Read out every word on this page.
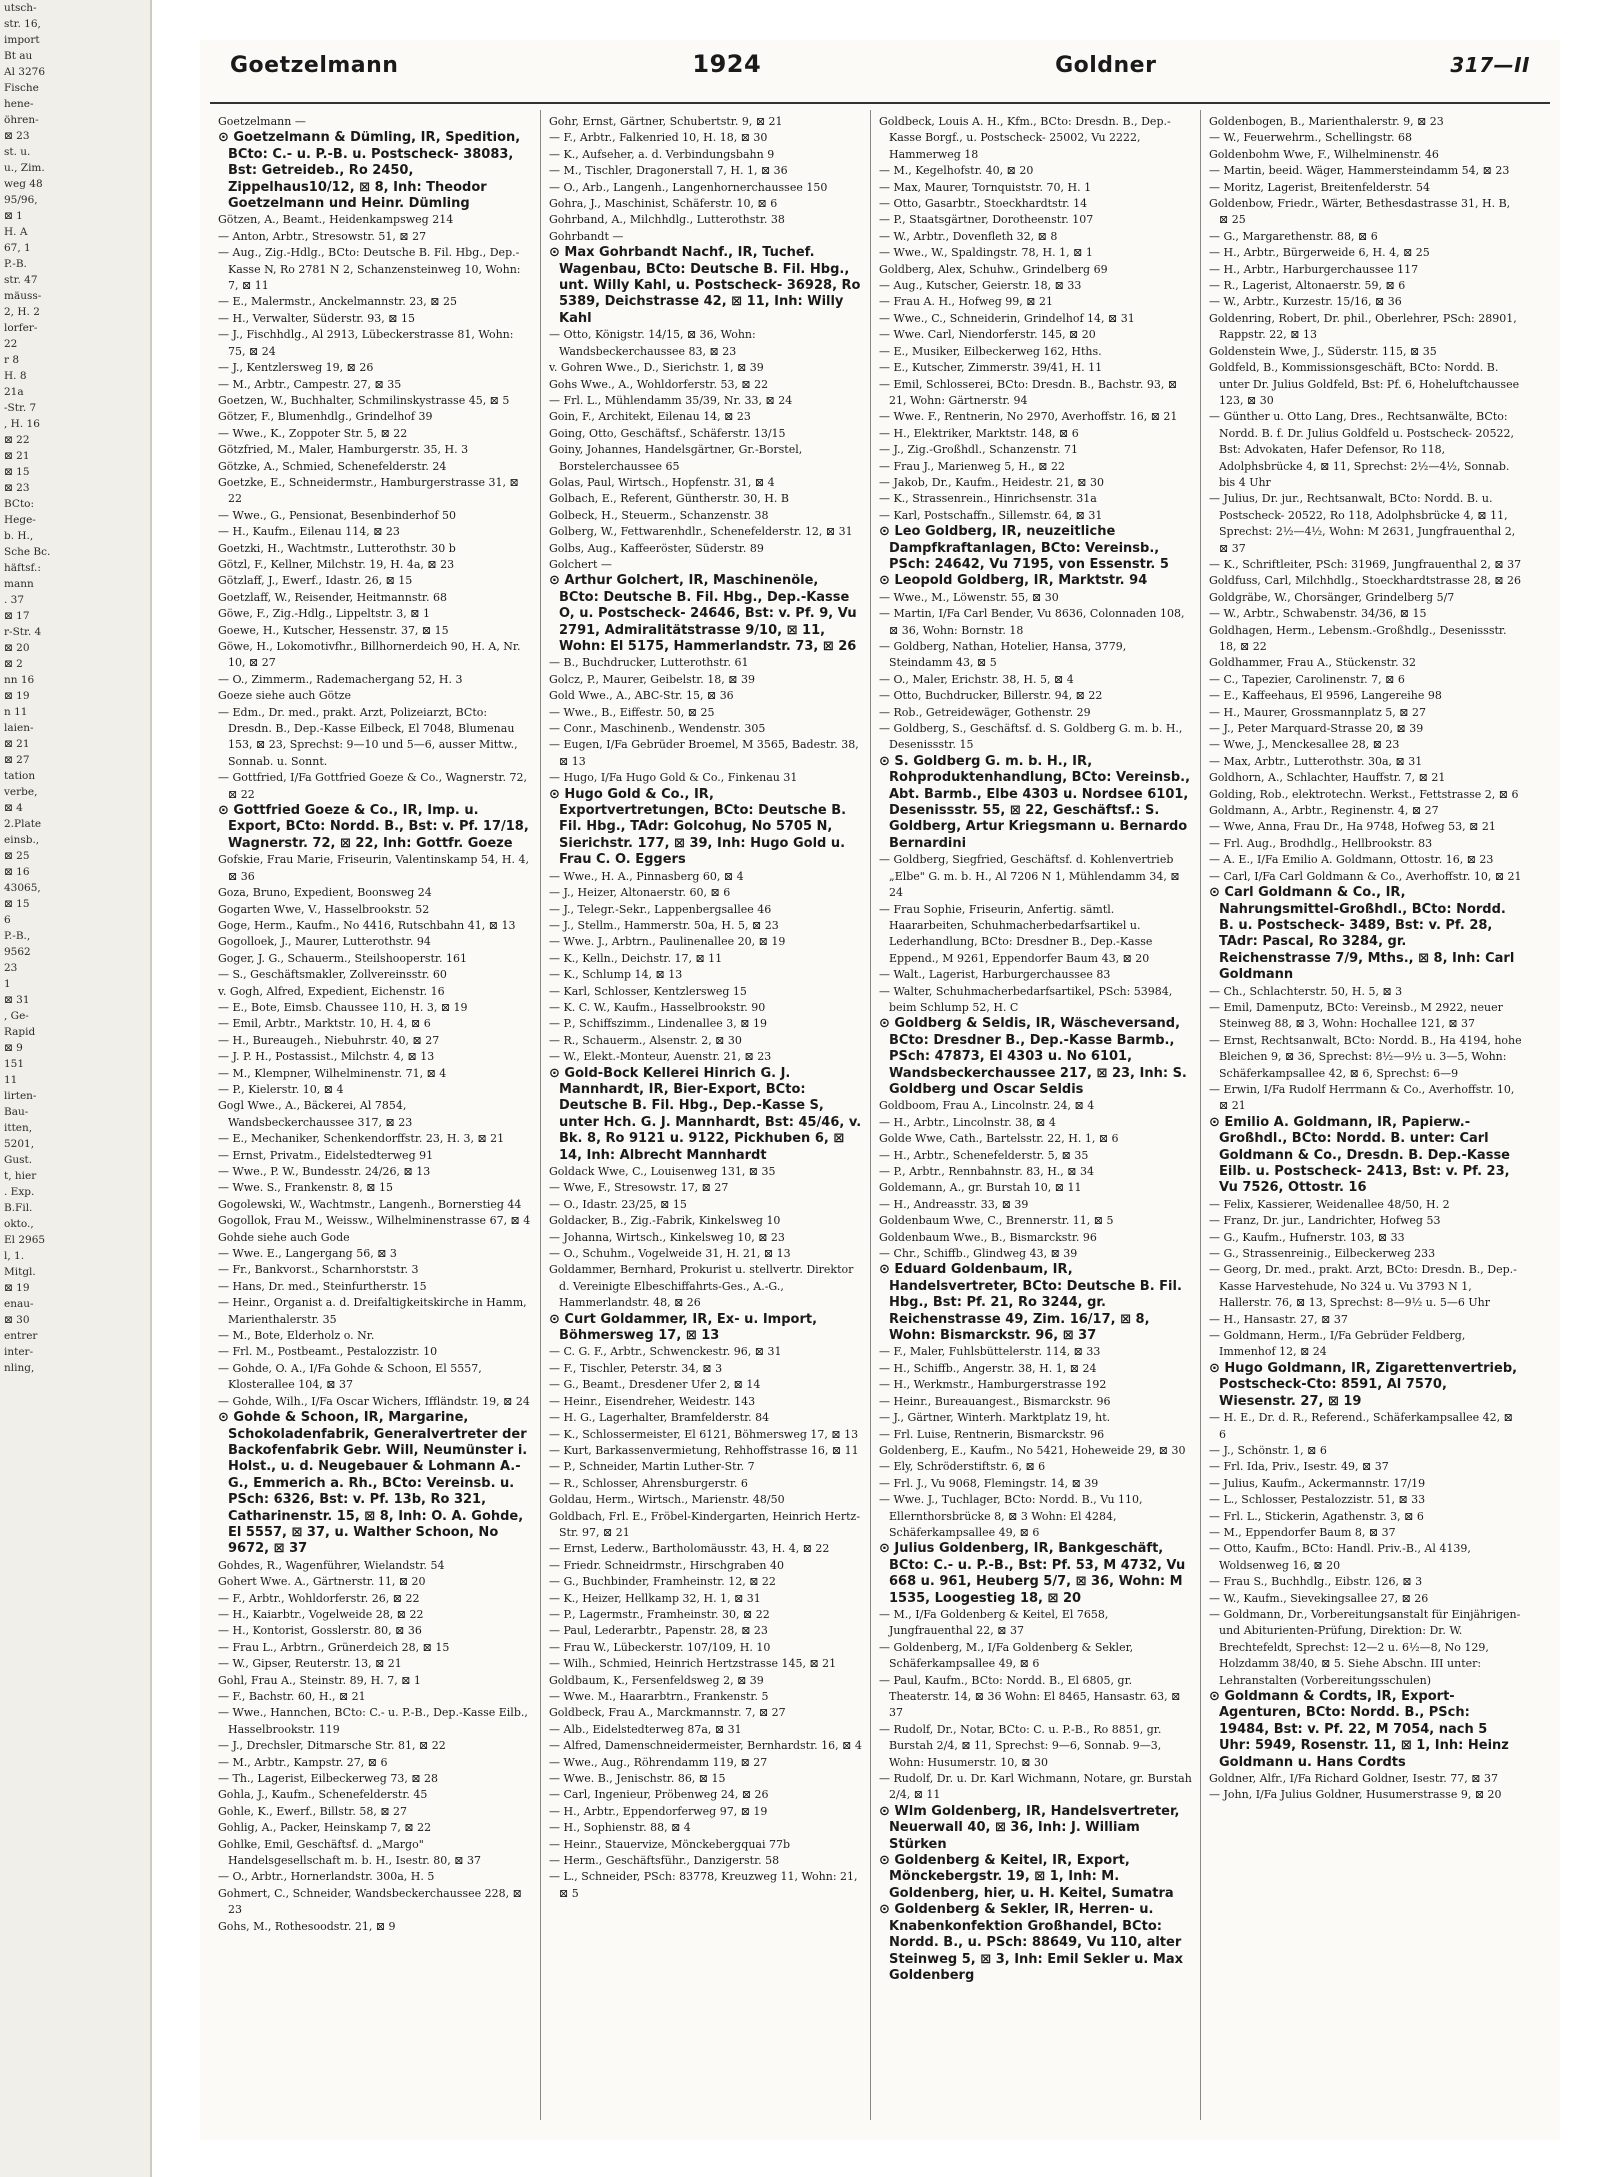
utsch-
str. 16,
import
Bt au
Al 3276
Fische
hene-
öhren-
⊠ 23
st. u.
u., Zim.
weg 48
95/96,
⊠ 1
H. A
67, 1
P.-B.
str. 47
mäuss-
2, H. 2
lorfer-
22
r 8
H. 8
21a
-Str. 7
, H. 16
⊠ 22
⊠ 21
⊠ 15
⊠ 23
BCto:
Hege-
b. H.,
Sche Bc.
häftsf.:
mann
. 37
⊠ 17
r-Str. 4
⊠ 20
⊠ 2
nn 16
⊠ 19
n 11
laien-
⊠ 21
⊠ 27
tation
verbe,
⊠ 4
2.Plate
einsb.,
⊠ 25
⊠ 16
43065,
⊠ 15
6
P.-B.,
9562
23
1
⊠ 31
, Ge-
Rapid
⊠ 9
151
11
lirten-
Bau-
itten,
5201,
Gust.
t, hier
. Exp.
B.Fil.
okto.,
El 2965
l, 1.
Mitgl.
⊠ 19
enau-
⊠ 30
entrer
inter-
nling,
Goetzelmann	1924	Goldner	317—II
Goetzelmann —
⊙ Goetzelmann & Dümling, IR, Spedition, BCto: C.- u. P.-B. u. Postscheck- 38083, Bst: Getreideb., Ro 2450, Zippelhaus10/12, ⊠ 8, Inh: Theodor Goetzelmann und Heinr. Dümling
Götzen, A., Beamt., Heidenkampsweg 214
— Anton, Arbtr., Stresowstr. 51, ⊠ 27
— Aug., Zig.-Hdlg., BCto: Deutsche B. Fil. Hbg., Dep.-Kasse N, Ro 2781 N 2, Schanzensteinweg 10, Wohn: 7, ⊠ 11
— E., Malermstr., Anckelmannstr. 23, ⊠ 25
— H., Verwalter, Süderstr. 93, ⊠ 15
— J., Fischhdlg., Al 2913, Lübeckerstrasse 81, Wohn: 75, ⊠ 24
— J., Kentzlersweg 19, ⊠ 26
— M., Arbtr., Campestr. 27, ⊠ 35
Goetzen, W., Buchhalter, Schmilinskystrasse 45, ⊠ 5
Götzer, F., Blumenhdlg., Grindelhof 39
— Wwe., K., Zoppoter Str. 5, ⊠ 22
Götzfried, M., Maler, Hamburgerstr. 35, H. 3
Götzke, A., Schmied, Schenefelderstr. 24
Goetzke, E., Schneidermstr., Hamburgerstrasse 31, ⊠ 22
— Wwe., G., Pensionat, Besenbinderhof 50
— H., Kaufm., Eilenau 114, ⊠ 23
Goetzki, H., Wachtmstr., Lutterothstr. 30 b
Götzl, F., Kellner, Milchstr. 19, H. 4a, ⊠ 23
Götzlaff, J., Ewerf., Idastr. 26, ⊠ 15
Goetzlaff, W., Reisender, Heitmannstr. 68
Göwe, F., Zig.-Hdlg., Lippeltstr. 3, ⊠ 1
Goewe, H., Kutscher, Hessenstr. 37, ⊠ 15
Göwe, H., Lokomotivfhr., Billhornerdeich 90, H. A, Nr. 10, ⊠ 27
— O., Zimmerm., Rademachergang 52, H. 3
Goeze siehe auch Götze
— Edm., Dr. med., prakt. Arzt, Polizeiarzt, BCto: Dresdn. B., Dep.-Kasse Eilbeck, El 7048, Blumenau 153, ⊠ 23, Sprechst: 9—10 und 5—6, ausser Mittw., Sonnab. u. Sonnt.
— Gottfried, I/Fa Gottfried Goeze & Co., Wagnerstr. 72, ⊠ 22
⊙ Gottfried Goeze & Co., IR, Imp. u. Export, BCto: Nordd. B., Bst: v. Pf. 17/18, Wagnerstr. 72, ⊠ 22, Inh: Gottfr. Goeze
Gofskie, Frau Marie, Friseurin, Valentinskamp 54, H. 4, ⊠ 36
Goza, Bruno, Expedient, Boonsweg 24
Gogarten Wwe, V., Hasselbrookstr. 52
Goge, Herm., Kaufm., No 4416, Rutschbahn 41, ⊠ 13
Gogolloek, J., Maurer, Lutterothstr. 94
Goger, J. G., Schauerm., Steilshooperstr. 161
— S., Geschäftsmakler, Zollvereinsstr. 60
v. Gogh, Alfred, Expedient, Eichenstr. 16
— E., Bote, Eimsb. Chaussee 110, H. 3, ⊠ 19
— Emil, Arbtr., Marktstr. 10, H. 4, ⊠ 6
— H., Bureaugeh., Niebuhrstr. 40, ⊠ 27
— J. P. H., Postassist., Milchstr. 4, ⊠ 13
— M., Klempner, Wilhelminenstr. 71, ⊠ 4
— P., Kielerstr. 10, ⊠ 4
Gogl Wwe., A., Bäckerei, Al 7854, Wandsbeckerchaussee 317, ⊠ 23
— E., Mechaniker, Schenkendorffstr. 23, H. 3, ⊠ 21
— Ernst, Privatm., Eidelstedterweg 91
— Wwe., P. W., Bundesstr. 24/26, ⊠ 13
— Wwe. S., Frankenstr. 8, ⊠ 15
Gogolewski, W., Wachtmstr., Langenh., Bornerstieg 44
Gogollok, Frau M., Weissw., Wilhelminenstrasse 67, ⊠ 4
Gohde siehe auch Gode
— Wwe. E., Langergang 56, ⊠ 3
— Fr., Bankvorst., Scharnhorststr. 3
— Hans, Dr. med., Steinfurtherstr. 15
— Heinr., Organist a. d. Dreifaltigkeitskirche in Hamm, Marienthalerstr. 35
— M., Bote, Elderholz o. Nr.
— Frl. M., Postbeamt., Pestalozzistr. 10
— Gohde, O. A., I/Fa Gohde & Schoon, El 5557, Klosterallee 104, ⊠ 37
— Gohde, Wilh., I/Fa Oscar Wichers, Iffländstr. 19, ⊠ 24
⊙ Gohde & Schoon, IR, Margarine, Schokoladenfabrik, Generalvertreter der Backofenfabrik Gebr. Will, Neumünster i. Holst., u. d. Neugebauer & Lohmann A.-G., Emmerich a. Rh., BCto: Vereinsb. u. PSch: 6326, Bst: v. Pf. 13b, Ro 321, Catharinenstr. 15, ⊠ 8, Inh: O. A. Gohde, El 5557, ⊠ 37, u. Walther Schoon, No 9672, ⊠ 37
Gohdes, R., Wagenführer, Wielandstr. 54
Gohert Wwe. A., Gärtnerstr. 11, ⊠ 20
— F., Arbtr., Wohldorferstr. 26, ⊠ 22
— H., Kaiarbtr., Vogelweide 28, ⊠ 22
— H., Kontorist, Gosslerstr. 80, ⊠ 36
— Frau L., Arbtrn., Grünerdeich 28, ⊠ 15
— W., Gipser, Reuterstr. 13, ⊠ 21
Gohl, Frau A., Steinstr. 89, H. 7, ⊠ 1
— F., Bachstr. 60, H., ⊠ 21
— Wwe., Hannchen, BCto: C.- u. P.-B., Dep.-Kasse Eilb., Hasselbrookstr. 119
— J., Drechsler, Ditmarsche Str. 81, ⊠ 22
— M., Arbtr., Kampstr. 27, ⊠ 6
— Th., Lagerist, Eilbeckerweg 73, ⊠ 28
Gohla, J., Kaufm., Schenefelderstr. 45
Gohle, K., Ewerf., Billstr. 58, ⊠ 27
Gohlig, A., Packer, Heinskamp 7, ⊠ 22
Gohlke, Emil, Geschäftsf. d. „Margo" Handelsgesellschaft m. b. H., Isestr. 80, ⊠ 37
— O., Arbtr., Hornerlandstr. 300a, H. 5
Gohmert, C., Schneider, Wandsbeckerchaussee 228, ⊠ 23
Gohs, M., Rothesoodstr. 21, ⊠ 9
Gohr, Ernst, Gärtner, Schubertstr. 9, ⊠ 21
— F., Arbtr., Falkenried 10, H. 18, ⊠ 30
— K., Aufseher, a. d. Verbindungsbahn 9
— M., Tischler, Dragonerstall 7, H. 1, ⊠ 36
— O., Arb., Langenh., Langenhornerchaussee 150
Gohra, J., Maschinist, Schäferstr. 10, ⊠ 6
Gohrband, A., Milchhdlg., Lutterothstr. 38
Gohrbandt —
⊙ Max Gohrbandt Nachf., IR, Tuchef. Wagenbau, BCto: Deutsche B. Fil. Hbg., unt. Willy Kahl, u. Postscheck- 36928, Ro 5389, Deichstrasse 42, ⊠ 11, Inh: Willy Kahl
— Otto, Königstr. 14/15, ⊠ 36, Wohn: Wandsbeckerchaussee 83, ⊠ 23
v. Gohren Wwe., D., Sierichstr. 1, ⊠ 39
Gohs Wwe., A., Wohldorferstr. 53, ⊠ 22
— Frl. L., Mühlendamm 35/39, Nr. 33, ⊠ 24
Goin, F., Architekt, Eilenau 14, ⊠ 23
Going, Otto, Geschäftsf., Schäferstr. 13/15
Goiny, Johannes, Handelsgärtner, Gr.-Borstel, Borstelerchaussee 65
Golas, Paul, Wirtsch., Hopfenstr. 31, ⊠ 4
Golbach, E., Referent, Güntherstr. 30, H. B
Golbeck, H., Steuerm., Schanzenstr. 38
Golberg, W., Fettwarenhdlr., Schenefelderstr. 12, ⊠ 31
Golbs, Aug., Kaffeeröster, Süderstr. 89
Golchert —
⊙ Arthur Golchert, IR, Maschinenöle, BCto: Deutsche B. Fil. Hbg., Dep.-Kasse O, u. Postscheck- 24646, Bst: v. Pf. 9, Vu 2791, Admiralitätstrasse 9/10, ⊠ 11, Wohn: El 5175, Hammerlandstr. 73, ⊠ 26
— B., Buchdrucker, Lutterothstr. 61
Golcz, P., Maurer, Geibelstr. 18, ⊠ 39
Gold Wwe., A., ABC-Str. 15, ⊠ 36
— Wwe., B., Eiffestr. 50, ⊠ 25
— Conr., Maschinenb., Wendenstr. 305
— Eugen, I/Fa Gebrüder Broemel, M 3565, Badestr. 38, ⊠ 13
— Hugo, I/Fa Hugo Gold & Co., Finkenau 31
⊙ Hugo Gold & Co., IR, Exportvertretungen, BCto: Deutsche B. Fil. Hbg., TAdr: Golcohug, No 5705 N, Sierichstr. 177, ⊠ 39, Inh: Hugo Gold u. Frau C. O. Eggers
— Wwe., H. A., Pinnasberg 60, ⊠ 4
— J., Heizer, Altonaerstr. 60, ⊠ 6
— J., Telegr.-Sekr., Lappenbergsallee 46
— J., Stellm., Hammerstr. 50a, H. 5, ⊠ 23
— Wwe. J., Arbtrn., Paulinenallee 20, ⊠ 19
— K., Kelln., Deichstr. 17, ⊠ 11
— K., Schlump 14, ⊠ 13
— Karl, Schlosser, Kentzlersweg 15
— K. C. W., Kaufm., Hasselbrookstr. 90
— P., Schiffszimm., Lindenallee 3, ⊠ 19
— R., Schauerm., Alsenstr. 2, ⊠ 30
— W., Elekt.-Monteur, Auenstr. 21, ⊠ 23
⊙ Gold-Bock Kellerei Hinrich G. J. Mannhardt, IR, Bier-Export, BCto: Deutsche B. Fil. Hbg., Dep.-Kasse S, unter Hch. G. J. Mannhardt, Bst: 45/46, v. Bk. 8, Ro 9121 u. 9122, Pickhuben 6, ⊠ 14, Inh: Albrecht Mannhardt
Goldack Wwe, C., Louisenweg 131, ⊠ 35
— Wwe, F., Stresowstr. 17, ⊠ 27
— O., Idastr. 23/25, ⊠ 15
Goldacker, B., Zig.-Fabrik, Kinkelsweg 10
— Johanna, Wirtsch., Kinkelsweg 10, ⊠ 23
— O., Schuhm., Vogelweide 31, H. 21, ⊠ 13
Goldammer, Bernhard, Prokurist u. stellvertr. Direktor d. Vereinigte Elbeschiffahrts-Ges., A.-G., Hammerlandstr. 48, ⊠ 26
⊙ Curt Goldammer, IR, Ex- u. Import, Böhmersweg 17, ⊠ 13
— C. G. F., Arbtr., Schwenckestr. 96, ⊠ 31
— F., Tischler, Peterstr. 34, ⊠ 3
— G., Beamt., Dresdener Ufer 2, ⊠ 14
— Heinr., Eisendreher, Weidestr. 143
— H. G., Lagerhalter, Bramfelderstr. 84
— K., Schlossermeister, El 6121, Böhmersweg 17, ⊠ 13
— Kurt, Barkassenvermietung, Rehhoffstrasse 16, ⊠ 11
— P., Schneider, Martin Luther-Str. 7
— R., Schlosser, Ahrensburgerstr. 6
Goldau, Herm., Wirtsch., Marienstr. 48/50
Goldbach, Frl. E., Fröbel-Kindergarten, Heinrich Hertz-Str. 97, ⊠ 21
— Ernst, Lederw., Bartholomäusstr. 43, H. 4, ⊠ 22
— Friedr. Schneidrmstr., Hirschgraben 40
— G., Buchbinder, Framheinstr. 12, ⊠ 22
— K., Heizer, Hellkamp 32, H. 1, ⊠ 31
— P., Lagermstr., Framheinstr. 30, ⊠ 22
— Paul, Lederarbtr., Papenstr. 28, ⊠ 23
— Frau W., Lübeckerstr. 107/109, H. 10
— Wilh., Schmied, Heinrich Hertzstrasse 145, ⊠ 21
Goldbaum, K., Fersenfeldsweg 2, ⊠ 39
— Wwe. M., Haararbtrn., Frankenstr. 5
Goldbeck, Frau A., Marckmannstr. 7, ⊠ 27
— Alb., Eidelstedterweg 87a, ⊠ 31
— Alfred, Damenschneidermeister, Bernhardstr. 16, ⊠ 4
— Wwe., Aug., Röhrendamm 119, ⊠ 27
— Wwe. B., Jenischstr. 86, ⊠ 15
— Carl, Ingenieur, Pröbenweg 24, ⊠ 26
— H., Arbtr., Eppendorferweg 97, ⊠ 19
— H., Sophienstr. 88, ⊠ 4
— Heinr., Stauervize, Mönckebergquai 77b
— Herm., Geschäftsführ., Danzigerstr. 58
— L., Schneider, PSch: 83778, Kreuzweg 11, Wohn: 21, ⊠ 5
Goldbeck, Louis A. H., Kfm., BCto: Dresdn. B., Dep.-Kasse Borgf., u. Postscheck- 25002, Vu 2222, Hammerweg 18
— M., Kegelhofstr. 40, ⊠ 20
— Max, Maurer, Tornquiststr. 70, H. 1
— Otto, Gasarbtr., Stoeckhardtstr. 14
— P., Staatsgärtner, Dorotheenstr. 107
— W., Arbtr., Dovenfleth 32, ⊠ 8
— Wwe., W., Spaldingstr. 78, H. 1, ⊠ 1
Goldberg, Alex, Schuhw., Grindelberg 69
— Aug., Kutscher, Geierstr. 18, ⊠ 33
— Frau A. H., Hofweg 99, ⊠ 21
— Wwe., C., Schneiderin, Grindelhof 14, ⊠ 31
— Wwe. Carl, Niendorferstr. 145, ⊠ 20
— E., Musiker, Eilbeckerweg 162, Hths.
— E., Kutscher, Zimmerstr. 39/41, H. 11
— Emil, Schlosserei, BCto: Dresdn. B., Bachstr. 93, ⊠ 21, Wohn: Gärtnerstr. 94
— Wwe. F., Rentnerin, No 2970, Averhoffstr. 16, ⊠ 21
— H., Elektriker, Marktstr. 148, ⊠ 6
— J., Zig.-Großhdl., Schanzenstr. 71
— Frau J., Marienweg 5, H., ⊠ 22
— Jakob, Dr., Kaufm., Heidestr. 21, ⊠ 30
— K., Strassenrein., Hinrichsenstr. 31a
— Karl, Postschaffn., Sillemstr. 64, ⊠ 31
⊙ Leo Goldberg, IR, neuzeitliche Dampfkraftanlagen, BCto: Vereinsb., PSch: 24642, Vu 7195, von Essenstr. 5
⊙ Leopold Goldberg, IR, Marktstr. 94
— Wwe., M., Löwenstr. 55, ⊠ 30
— Martin, I/Fa Carl Bender, Vu 8636, Colonnaden 108, ⊠ 36, Wohn: Bornstr. 18
— Goldberg, Nathan, Hotelier, Hansa, 3779, Steindamm 43, ⊠ 5
— O., Maler, Erichstr. 38, H. 5, ⊠ 4
— Otto, Buchdrucker, Billerstr. 94, ⊠ 22
— Rob., Getreidewäger, Gothenstr. 29
— Goldberg, S., Geschäftsf. d. S. Goldberg G. m. b. H., Desenissstr. 15
⊙ S. Goldberg G. m. b. H., IR, Rohproduktenhandlung, BCto: Vereinsb., Abt. Barmb., Elbe 4303 u. Nordsee 6101, Desenissstr. 55, ⊠ 22, Geschäftsf.: S. Goldberg, Artur Kriegsmann u. Bernardo Bernardini
— Goldberg, Siegfried, Geschäftsf. d. Kohlenvertrieb „Elbe" G. m. b. H., Al 7206 N 1, Mühlendamm 34, ⊠ 24
— Frau Sophie, Friseurin, Anfertig. sämtl. Haararbeiten, Schuhmacherbedarfsartikel u. Lederhandlung, BCto: Dresdner B., Dep.-Kasse Eppend., M 9261, Eppendorfer Baum 43, ⊠ 20
— Walt., Lagerist, Harburgerchaussee 83
— Walter, Schuhmacherbedarfsartikel, PSch: 53984, beim Schlump 52, H. C
⊙ Goldberg & Seldis, IR, Wäscheversand, BCto: Dresdner B., Dep.-Kasse Barmb., PSch: 47873, El 4303 u. No 6101, Wandsbeckerchaussee 217, ⊠ 23, Inh: S. Goldberg und Oscar Seldis
Goldboom, Frau A., Lincolnstr. 24, ⊠ 4
— H., Arbtr., Lincolnstr. 38, ⊠ 4
Golde Wwe, Cath., Bartelsstr. 22, H. 1, ⊠ 6
— H., Arbtr., Schenefelderstr. 5, ⊠ 35
— P., Arbtr., Rennbahnstr. 83, H., ⊠ 34
Goldemann, A., gr. Burstah 10, ⊠ 11
— H., Andreasstr. 33, ⊠ 39
Goldenbaum Wwe, C., Brennerstr. 11, ⊠ 5
Goldenbaum Wwe., B., Bismarckstr. 96
— Chr., Schiffb., Glindweg 43, ⊠ 39
⊙ Eduard Goldenbaum, IR, Handelsvertreter, BCto: Deutsche B. Fil. Hbg., Bst: Pf. 21, Ro 3244, gr. Reichenstrasse 49, Zim. 16/17, ⊠ 8, Wohn: Bismarckstr. 96, ⊠ 37
— F., Maler, Fuhlsbüttelerstr. 114, ⊠ 33
— H., Schiffb., Angerstr. 38, H. 1, ⊠ 24
— H., Werkmstr., Hamburgerstrasse 192
— Heinr., Bureauangest., Bismarckstr. 96
— J., Gärtner, Winterh. Marktplatz 19, ht.
— Frl. Luise, Rentnerin, Bismarckstr. 96
Goldenberg, E., Kaufm., No 5421, Hoheweide 29, ⊠ 30
— Ely, Schröderstiftstr. 6, ⊠ 6
— Frl. J., Vu 9068, Flemingstr. 14, ⊠ 39
— Wwe. J., Tuchlager, BCto: Nordd. B., Vu 110, Ellernthorsbrücke 8, ⊠ 3 Wohn: El 4284, Schäferkampsallee 49, ⊠ 6
⊙ Julius Goldenberg, IR, Bankgeschäft, BCto: C.- u. P.-B., Bst: Pf. 53, M 4732, Vu 668 u. 961, Heuberg 5/7, ⊠ 36, Wohn: M 1535, Loogestieg 18, ⊠ 20
— M., I/Fa Goldenberg & Keitel, El 7658, Jungfrauenthal 22, ⊠ 37
— Goldenberg, M., I/Fa Goldenberg & Sekler, Schäferkampsallee 49, ⊠ 6
— Paul, Kaufm., BCto: Nordd. B., El 6805, gr. Theaterstr. 14, ⊠ 36 Wohn: El 8465, Hansastr. 63, ⊠ 37
— Rudolf, Dr., Notar, BCto: C. u. P.-B., Ro 8851, gr. Burstah 2/4, ⊠ 11, Sprechst: 9—6, Sonnab. 9—3, Wohn: Husumerstr. 10, ⊠ 30
— Rudolf, Dr. u. Dr. Karl Wichmann, Notare, gr. Burstah 2/4, ⊠ 11
⊙ Wlm Goldenberg, IR, Handelsvertreter, Neuerwall 40, ⊠ 36, Inh: J. William Stürken
⊙ Goldenberg & Keitel, IR, Export, Mönckebergstr. 19, ⊠ 1, Inh: M. Goldenberg, hier, u. H. Keitel, Sumatra
⊙ Goldenberg & Sekler, IR, Herren- u. Knabenkonfektion Großhandel, BCto: Nordd. B., u. PSch: 88649, Vu 110, alter Steinweg 5, ⊠ 3, Inh: Emil Sekler u. Max Goldenberg
Goldenbogen, B., Marienthalerstr. 9, ⊠ 23
— W., Feuerwehrm., Schellingstr. 68
Goldenbohm Wwe, F., Wilhelminenstr. 46
— Martin, beeid. Wäger, Hammersteindamm 54, ⊠ 23
— Moritz, Lagerist, Breitenfelderstr. 54
Goldenbow, Friedr., Wärter, Bethesdastrasse 31, H. B, ⊠ 25
— G., Margarethenstr. 88, ⊠ 6
— H., Arbtr., Bürgerweide 6, H. 4, ⊠ 25
— H., Arbtr., Harburgerchaussee 117
— R., Lagerist, Altonaerstr. 59, ⊠ 6
— W., Arbtr., Kurzestr. 15/16, ⊠ 36
Goldenring, Robert, Dr. phil., Oberlehrer, PSch: 28901, Rappstr. 22, ⊠ 13
Goldenstein Wwe, J., Süderstr. 115, ⊠ 35
Goldfeld, B., Kommissionsgeschäft, BCto: Nordd. B. unter Dr. Julius Goldfeld, Bst: Pf. 6, Hoheluftchaussee 123, ⊠ 30
— Günther u. Otto Lang, Dres., Rechtsanwälte, BCto: Nordd. B. f. Dr. Julius Goldfeld u. Postscheck- 20522, Bst: Advokaten, Hafer Defensor, Ro 118, Adolphsbrücke 4, ⊠ 11, Sprechst: 2½—4½, Sonnab. bis 4 Uhr
— Julius, Dr. jur., Rechtsanwalt, BCto: Nordd. B. u. Postscheck- 20522, Ro 118, Adolphsbrücke 4, ⊠ 11, Sprechst: 2½—4½, Wohn: M 2631, Jungfrauenthal 2, ⊠ 37
— K., Schriftleiter, PSch: 31969, Jungfrauenthal 2, ⊠ 37
Goldfuss, Carl, Milchhdlg., Stoeckhardtstrasse 28, ⊠ 26
Goldgräbe, W., Chorsänger, Grindelberg 5/7
— W., Arbtr., Schwabenstr. 34/36, ⊠ 15
Goldhagen, Herm., Lebensm.-Großhdlg., Desenissstr. 18, ⊠ 22
Goldhammer, Frau A., Stückenstr. 32
— C., Tapezier, Carolinenstr. 7, ⊠ 6
— E., Kaffeehaus, El 9596, Langereihe 98
— H., Maurer, Grossmannplatz 5, ⊠ 27
— J., Peter Marquard-Strasse 20, ⊠ 39
— Wwe, J., Menckesallee 28, ⊠ 23
— Max, Arbtr., Lutterothstr. 30a, ⊠ 31
Goldhorn, A., Schlachter, Hauffstr. 7, ⊠ 21
Golding, Rob., elektrotechn. Werkst., Fettstrasse 2, ⊠ 6
Goldmann, A., Arbtr., Reginenstr. 4, ⊠ 27
— Wwe, Anna, Frau Dr., Ha 9748, Hofweg 53, ⊠ 21
— Frl. Aug., Brodhdlg., Hellbrookstr. 83
— A. E., I/Fa Emilio A. Goldmann, Ottostr. 16, ⊠ 23
— Carl, I/Fa Carl Goldmann & Co., Averhoffstr. 10, ⊠ 21
⊙ Carl Goldmann & Co., IR, Nahrungsmittel-Großhdl., BCto: Nordd. B. u. Postscheck- 3489, Bst: v. Pf. 28, TAdr: Pascal, Ro 3284, gr. Reichenstrasse 7/9, Mths., ⊠ 8, Inh: Carl Goldmann
— Ch., Schlachterstr. 50, H. 5, ⊠ 3
— Emil, Damenputz, BCto: Vereinsb., M 2922, neuer Steinweg 88, ⊠ 3, Wohn: Hochallee 121, ⊠ 37
— Ernst, Rechtsanwalt, BCto: Nordd. B., Ha 4194, hohe Bleichen 9, ⊠ 36, Sprechst: 8½—9½ u. 3—5, Wohn: Schäferkampsallee 42, ⊠ 6, Sprechst: 6—9
— Erwin, I/Fa Rudolf Herrmann & Co., Averhoffstr. 10, ⊠ 21
⊙ Emilio A. Goldmann, IR, Papierw.-Großhdl., BCto: Nordd. B. unter: Carl Goldmann & Co., Dresdn. B. Dep.-Kasse Eilb. u. Postscheck- 2413, Bst: v. Pf. 23, Vu 7526, Ottostr. 16
— Felix, Kassierer, Weidenallee 48/50, H. 2
— Franz, Dr. jur., Landrichter, Hofweg 53
— G., Kaufm., Hufnerstr. 103, ⊠ 33
— G., Strassenreinig., Eilbeckerweg 233
— Georg, Dr. med., prakt. Arzt, BCto: Dresdn. B., Dep.-Kasse Harvestehude, No 324 u. Vu 3793 N 1, Hallerstr. 76, ⊠ 13, Sprechst: 8—9½ u. 5—6 Uhr
— H., Hansastr. 27, ⊠ 37
— Goldmann, Herm., I/Fa Gebrüder Feldberg, Immenhof 12, ⊠ 24
⊙ Hugo Goldmann, IR, Zigarettenvertrieb, Postscheck-Cto: 8591, Al 7570, Wiesenstr. 27, ⊠ 19
— H. E., Dr. d. R., Referend., Schäferkampsallee 42, ⊠ 6
— J., Schönstr. 1, ⊠ 6
— Frl. Ida, Priv., Isestr. 49, ⊠ 37
— Julius, Kaufm., Ackermannstr. 17/19
— L., Schlosser, Pestalozzistr. 51, ⊠ 33
— Frl. L., Stickerin, Agathenstr. 3, ⊠ 6
— M., Eppendorfer Baum 8, ⊠ 37
— Otto, Kaufm., BCto: Handl. Priv.-B., Al 4139, Woldsenweg 16, ⊠ 20
— Frau S., Buchhdlg., Eibstr. 126, ⊠ 3
— W., Kaufm., Sievekingsallee 27, ⊠ 26
— Goldmann, Dr., Vorbereitungsanstalt für Einjährigen- und Abiturienten-Prüfung, Direktion: Dr. W. Brechtefeldt, Sprechst: 12—2 u. 6½—8, No 129, Holzdamm 38/40, ⊠ 5. Siehe Abschn. III unter: Lehranstalten (Vorbereitungsschulen)
⊙ Goldmann & Cordts, IR, Export-Agenturen, BCto: Nordd. B., PSch: 19484, Bst: v. Pf. 22, M 7054, nach 5 Uhr: 5949, Rosenstr. 11, ⊠ 1, Inh: Heinz Goldmann u. Hans Cordts
Goldner, Alfr., I/Fa Richard Goldner, Isestr. 77, ⊠ 37
— John, I/Fa Julius Goldner, Husumerstrasse 9, ⊠ 20
